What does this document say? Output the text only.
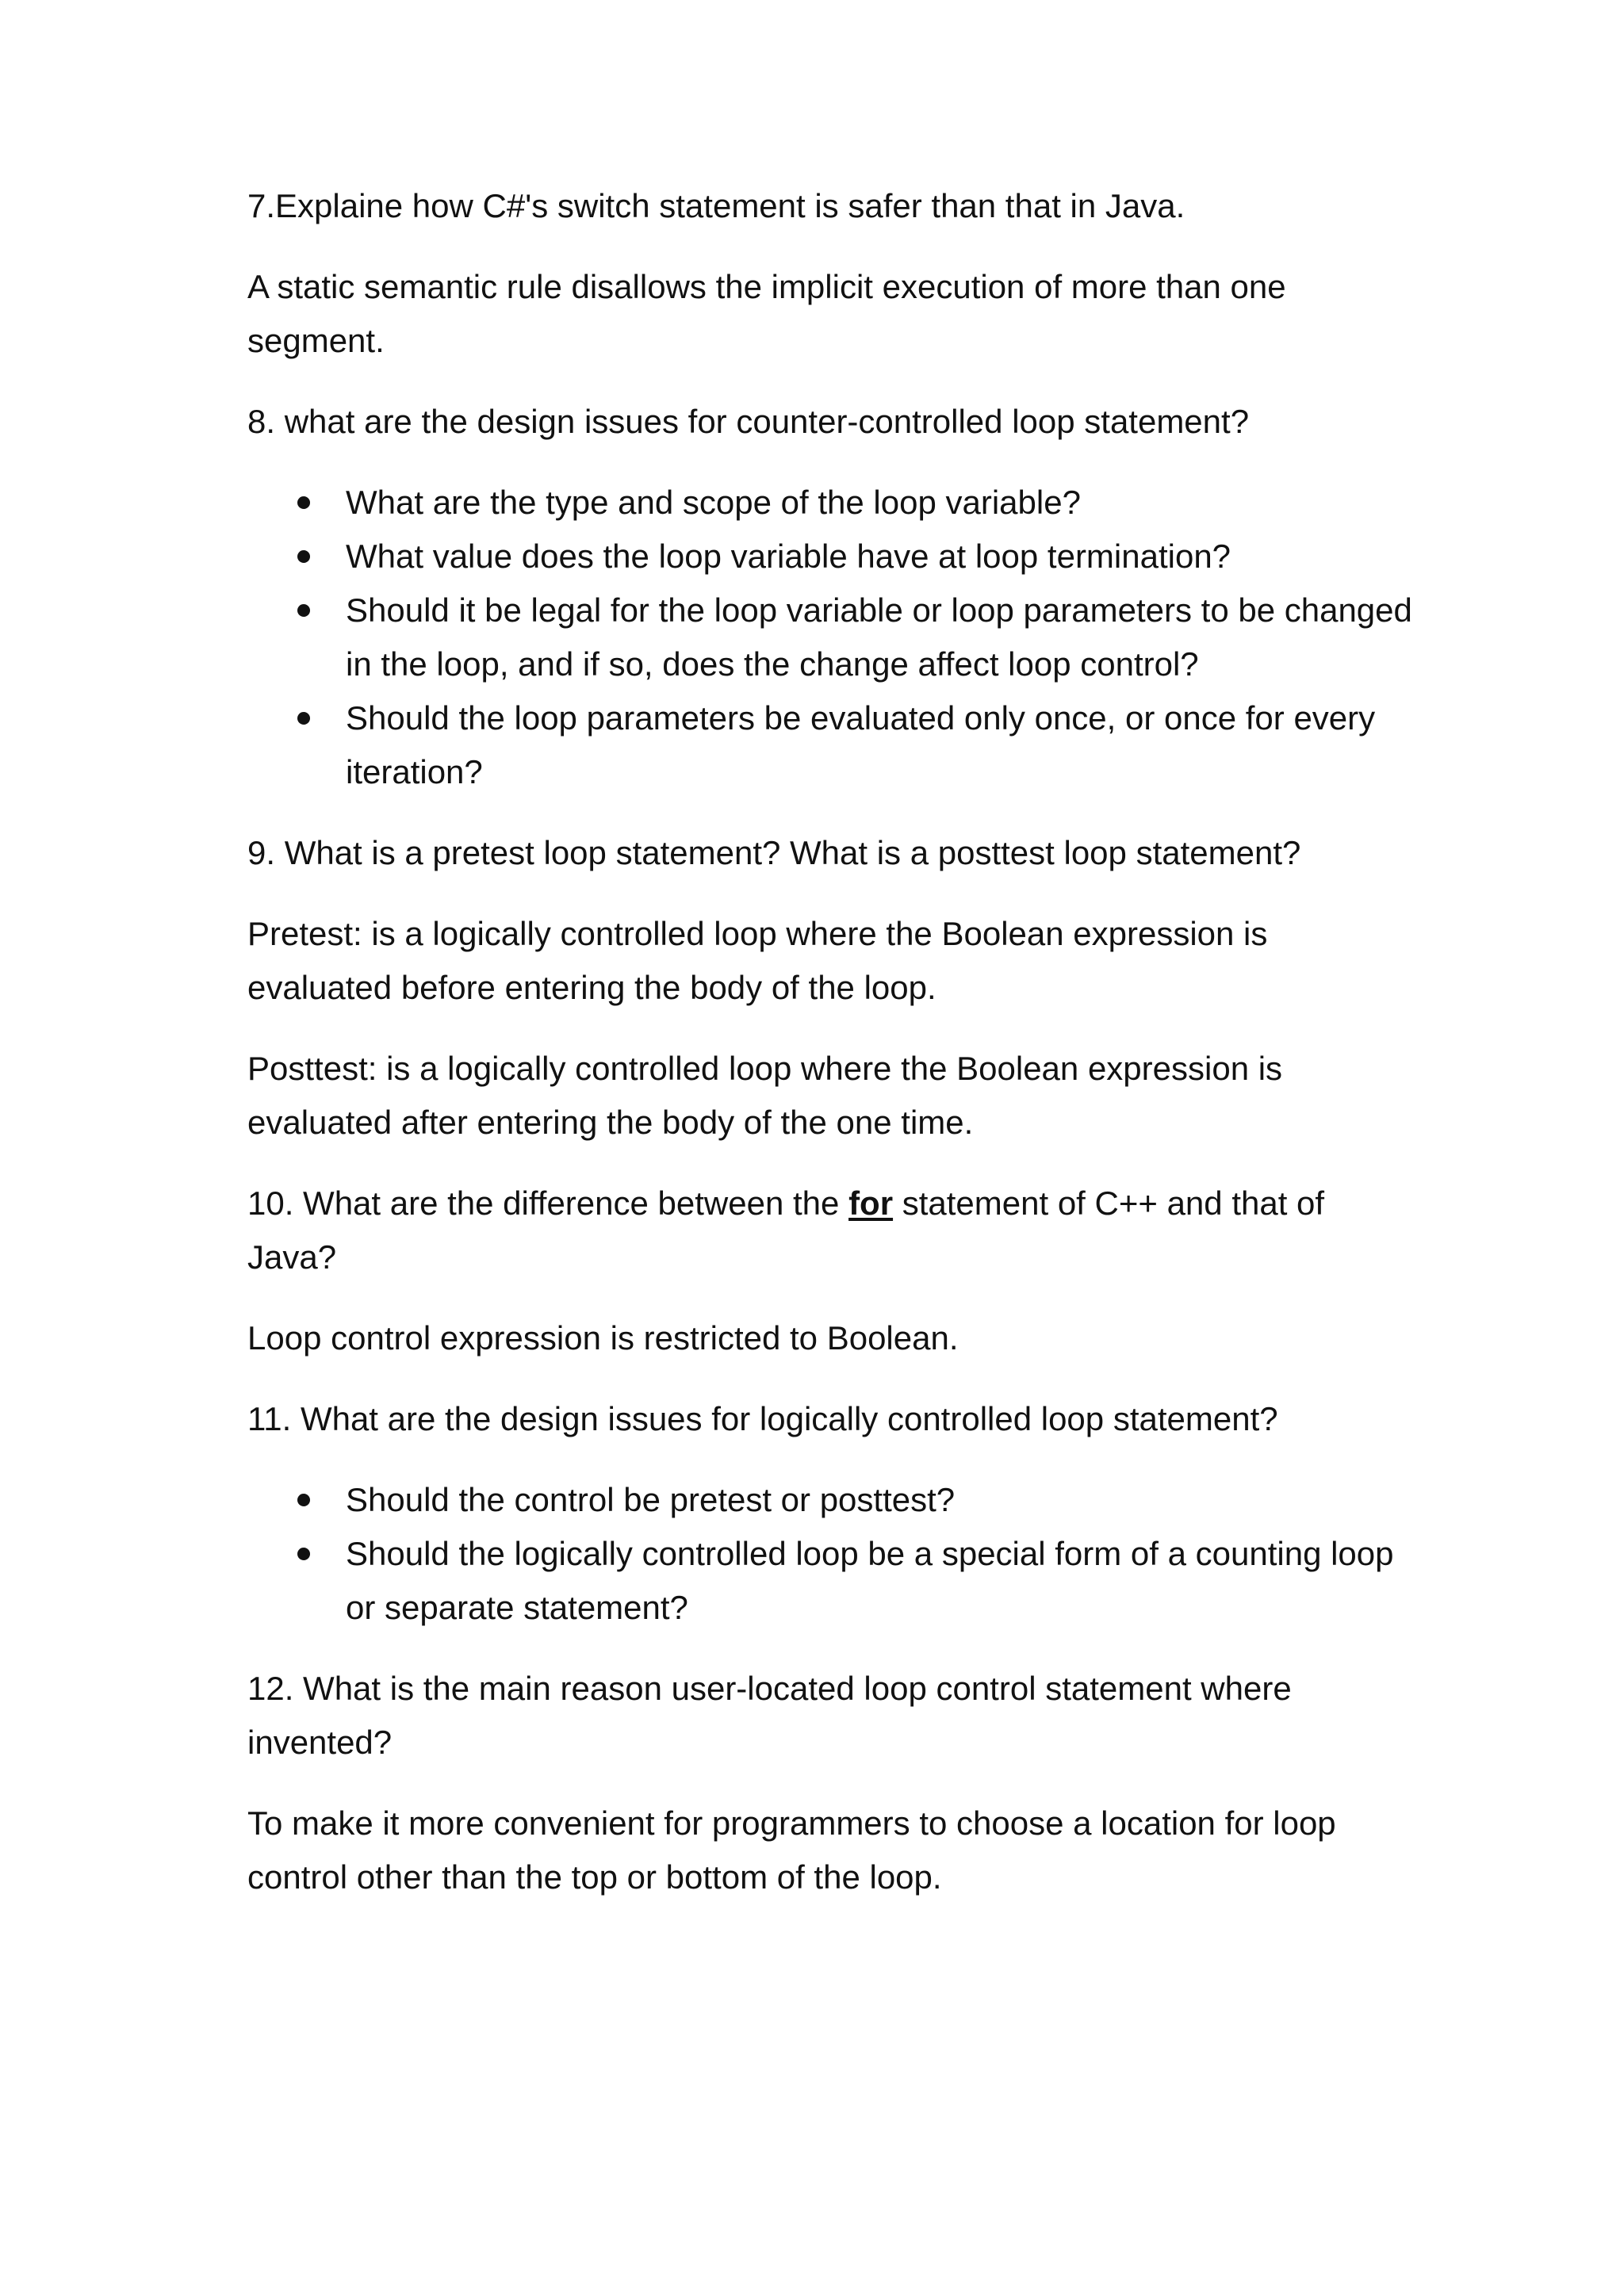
7.Explaine how C#'s switch statement is safer than that in Java.

A static semantic rule disallows the implicit execution of more than one segment.

8. what are the design issues for counter-controlled loop statement?

What are the type and scope of the loop variable?
What value does the loop variable have at loop termination?
Should it be legal for the loop variable or loop parameters to be changed in the loop, and if so, does the change affect loop control?
Should the loop parameters be evaluated only once, or once for every iteration?

9. What is a pretest loop statement? What is a posttest loop statement?

Pretest: is a logically controlled loop where the Boolean expression is evaluated before entering the body of the loop.

Posttest: is a logically controlled loop where the Boolean expression is evaluated after entering the body of the one time.

10. What are the difference between the for statement of C++ and that of Java?

Loop control expression is restricted to Boolean.

11. What are the design issues for logically controlled loop statement?

Should the control be pretest or posttest?
Should the logically controlled loop be a special form of a counting loop or separate statement?

12. What is the main reason user-located loop control statement where invented?

To make it more convenient for programmers to choose a location for loop control other than the top or bottom of the loop.
